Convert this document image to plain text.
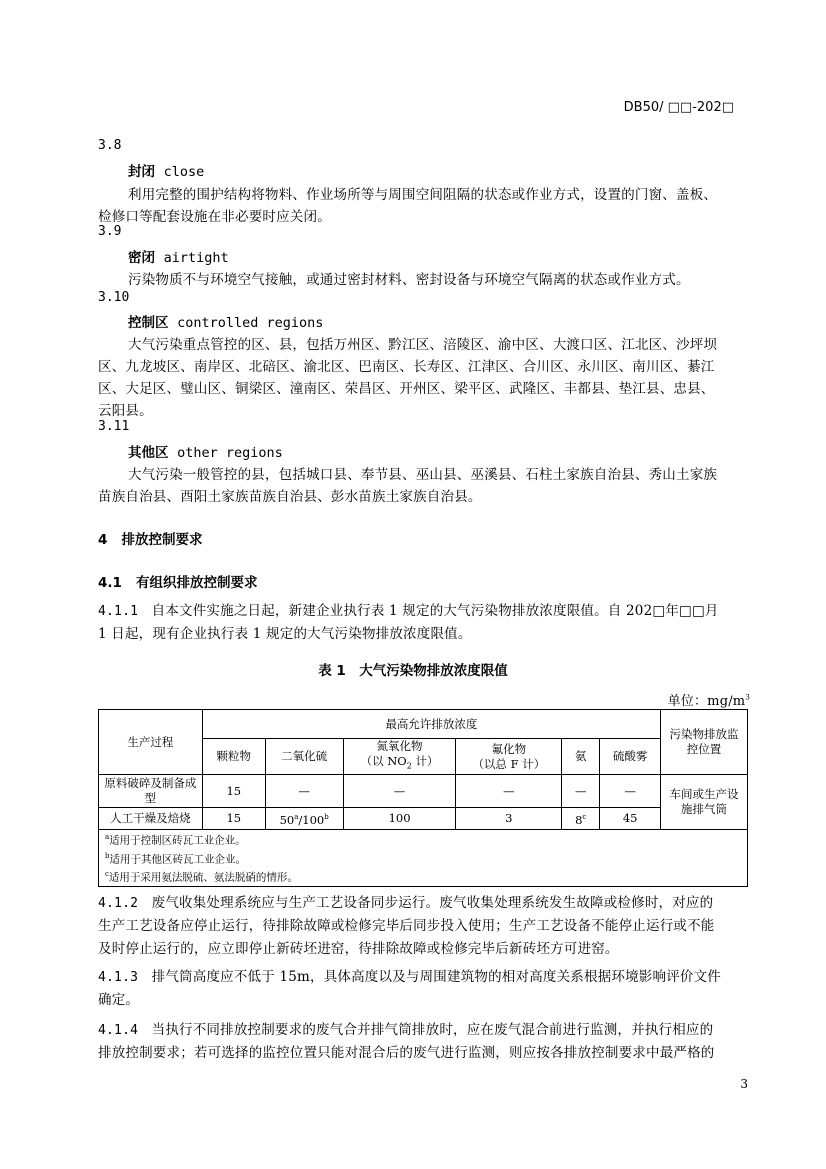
DB50/ □□-202□
3.8
封闭 close
利用完整的围护结构将物料、作业场所等与周围空间阻隔的状态或作业方式，设置的门窗、盖板、
检修口等配套设施在非必要时应关闭。
3.9
密闭 airtight
污染物质不与环境空气接触，或通过密封材料、密封设备与环境空气隔离的状态或作业方式。
3.10
控制区 controlled regions
大气污染重点管控的区、县，包括万州区、黔江区、涪陵区、渝中区、大渡口区、江北区、沙坪坝
区、九龙坡区、南岸区、北碚区、渝北区、巴南区、长寿区、江津区、合川区、永川区、南川区、綦江
区、大足区、璧山区、铜梁区、潼南区、荣昌区、开州区、梁平区、武隆区、丰都县、垫江县、忠县、
云阳县。
3.11
其他区 other regions
大气污染一般管控的县，包括城口县、奉节县、巫山县、巫溪县、石柱土家族自治县、秀山土家族
苗族自治县、酉阳土家族苗族自治县、彭水苗族土家族自治县。
4 排放控制要求
4.1 有组织排放控制要求
4.1.1 自本文件实施之日起，新建企业执行表 1 规定的大气污染物排放浓度限值。自 202□年□□月
1 日起，现有企业执行表 1 规定的大气污染物排放浓度限值。
表 1　大气污染物排放浓度限值
单位：$mg/m^3$
生产过程	最高允许排放浓度						污染物排放监控位置
	颗粒物	二氧化硫	氮氧化物
（以 $NO_2$ 计）	氟化物
（以总 F 计）	氨	硫酸雾	
原料破碎及制备成型	15	—	—	—	—	—	车间或生产设施排气筒
人工干燥及焙烧	15	50$^a$/100$^b$	100	3	8$^c$	45	

$^a$适用于控制区砖瓦工业企业。
$^b$适用于其他区砖瓦工业企业。
$^c$适用于采用氨法脱硫、氨法脱硝的情形。							
4.1.2 废气收集处理系统应与生产工艺设备同步运行。废气收集处理系统发生故障或检修时，对应的
生产工艺设备应停止运行，待排除故障或检修完毕后同步投入使用；生产工艺设备不能停止运行或不能
及时停止运行的，应立即停止新砖坯进窑，待排除故障或检修完毕后新砖坯方可进窑。
4.1.3 排气筒高度应不低于 15m，具体高度以及与周围建筑物的相对高度关系根据环境影响评价文件
确定。
4.1.4 当执行不同排放控制要求的废气合并排气筒排放时，应在废气混合前进行监测，并执行相应的
排放控制要求；若可选择的监控位置只能对混合后的废气进行监测，则应按各排放控制要求中最严格的
3
